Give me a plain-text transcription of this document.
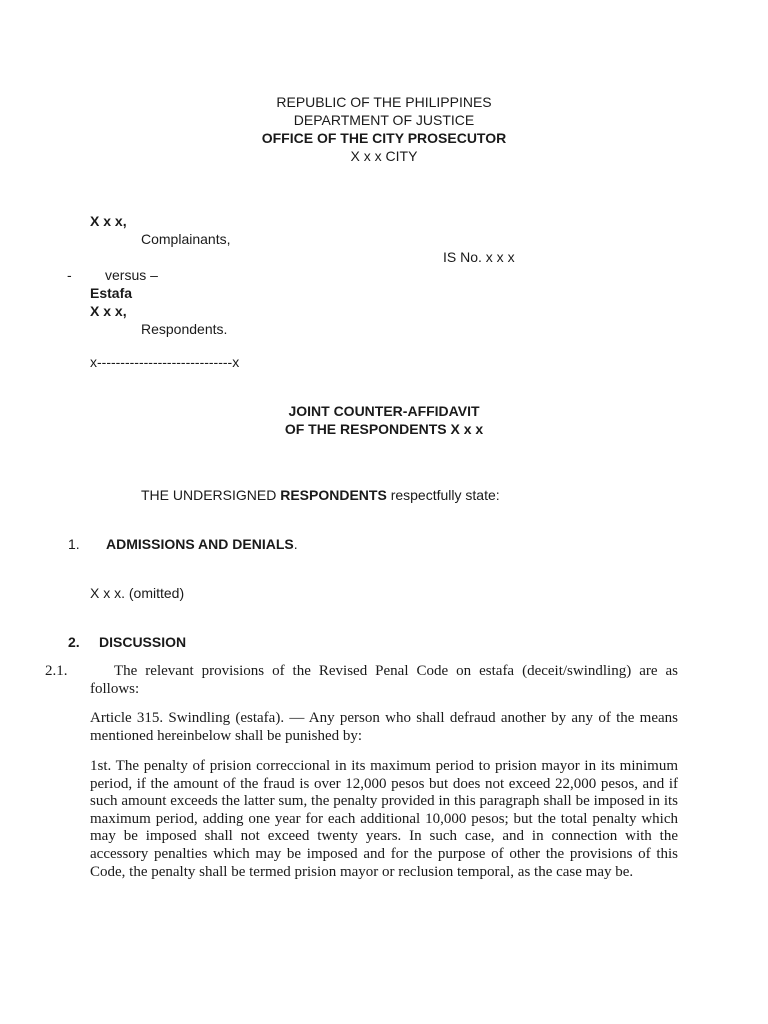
REPUBLIC OF THE PHILIPPINES
DEPARTMENT OF JUSTICE
OFFICE OF THE CITY PROSECUTOR
X x x CITY
X x x,
Complainants,
IS No. x x x
- versus –
Estafa
X x x,
Respondents.
x-----------------------------x
JOINT COUNTER-AFFIDAVIT
OF THE RESPONDENTS X x x
THE UNDERSIGNED RESPONDENTS respectfully state:
1. ADMISSIONS AND DENIALS.
X x x. (omitted)
2. DISCUSSION
2.1.	The relevant provisions of the Revised Penal Code on estafa (deceit/swindling) are as follows:
Article 315. Swindling (estafa). — Any person who shall defraud another by any of the means mentioned hereinbelow shall be punished by:
1st. The penalty of prision correccional in its maximum period to prision mayor in its minimum period, if the amount of the fraud is over 12,000 pesos but does not exceed 22,000 pesos, and if such amount exceeds the latter sum, the penalty provided in this paragraph shall be imposed in its maximum period, adding one year for each additional 10,000 pesos; but the total penalty which may be imposed shall not exceed twenty years. In such case, and in connection with the accessory penalties which may be imposed and for the purpose of other the provisions of this Code, the penalty shall be termed prision mayor or reclusion temporal, as the case may be.
